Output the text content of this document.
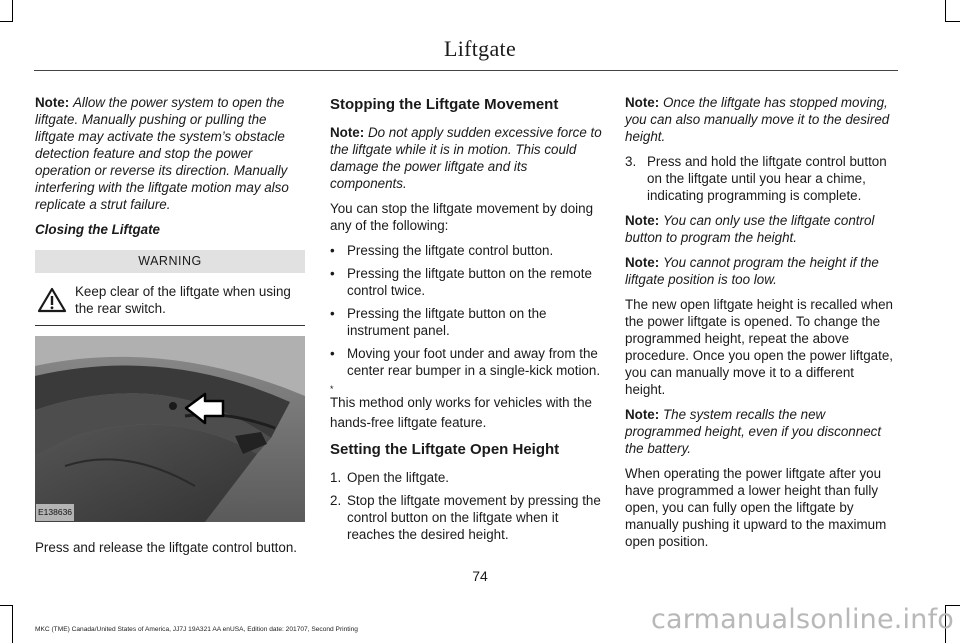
Liftgate

Note: Allow the power system to open the liftgate. Manually pushing or pulling the liftgate may activate the system’s obstacle detection feature and stop the power operation or reverse its direction. Manually interfering with the liftgate motion may also replicate a strut failure.

Closing the Liftgate

WARNING
Keep clear of the liftgate when using the rear switch.
E138636

Press and release the liftgate control button.

Stopping the Liftgate Movement

Note: Do not apply sudden excessive force to the liftgate while it is in motion. This could damage the power liftgate and its components.

You can stop the liftgate movement by doing any of the following:

• Pressing the liftgate control button.
• Pressing the liftgate button on the remote control twice.
• Pressing the liftgate button on the instrument panel.
• Moving your foot under and away from the center rear bumper in a single-kick motion.
*

This method only works for vehicles with the hands-free liftgate feature.

Setting the Liftgate Open Height
1. Open the liftgate.
2. Stop the liftgate movement by pressing the control button on the liftgate when it reaches the desired height.

Note: Once the liftgate has stopped moving, you can also manually move it to the desired height.

3. Press and hold the liftgate control button on the liftgate until you hear a chime, indicating programming is complete.

Note: You can only use the liftgate control button to program the height.

Note: You cannot program the height if the liftgate position is too low.

The new open liftgate height is recalled when the power liftgate is opened. To change the programmed height, repeat the above procedure. Once you open the power liftgate, you can manually move it to a different height.

Note: The system recalls the new programmed height, even if you disconnect the battery.

When operating the power liftgate after you have programmed a lower height than fully open, you can fully open the liftgate by manually pushing it upward to the maximum open position.

74
MKC (TME) Canada/United States of America, JJ7J 19A321 AA enUSA, Edition date: 201707, Second Printing	carmanualsonline.info
